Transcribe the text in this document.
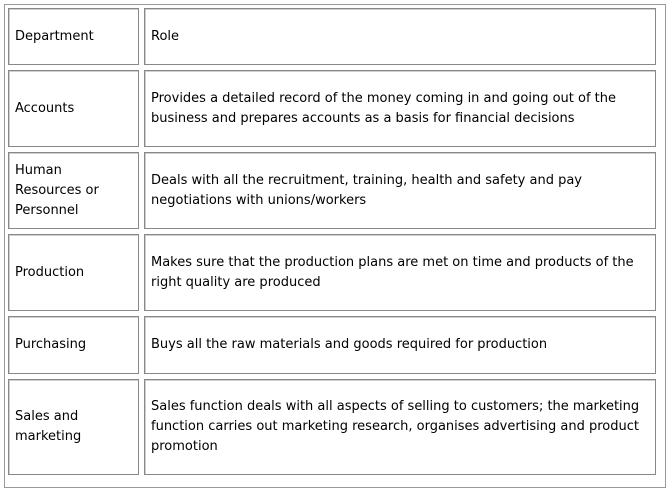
Department	Role
Accounts	Provides a detailed record of the money coming in and going out of the business and prepares accounts as a basis for financial decisions
Human Resources or Personnel	Deals with all the recruitment, training, health and safety and pay negotiations with unions/workers
Production	Makes sure that the production plans are met on time and products of the right quality are produced
Purchasing	Buys all the raw materials and goods required for production
Sales and marketing	Sales function deals with all aspects of selling to customers; the marketing function carries out marketing research, organises advertising and product promotion
